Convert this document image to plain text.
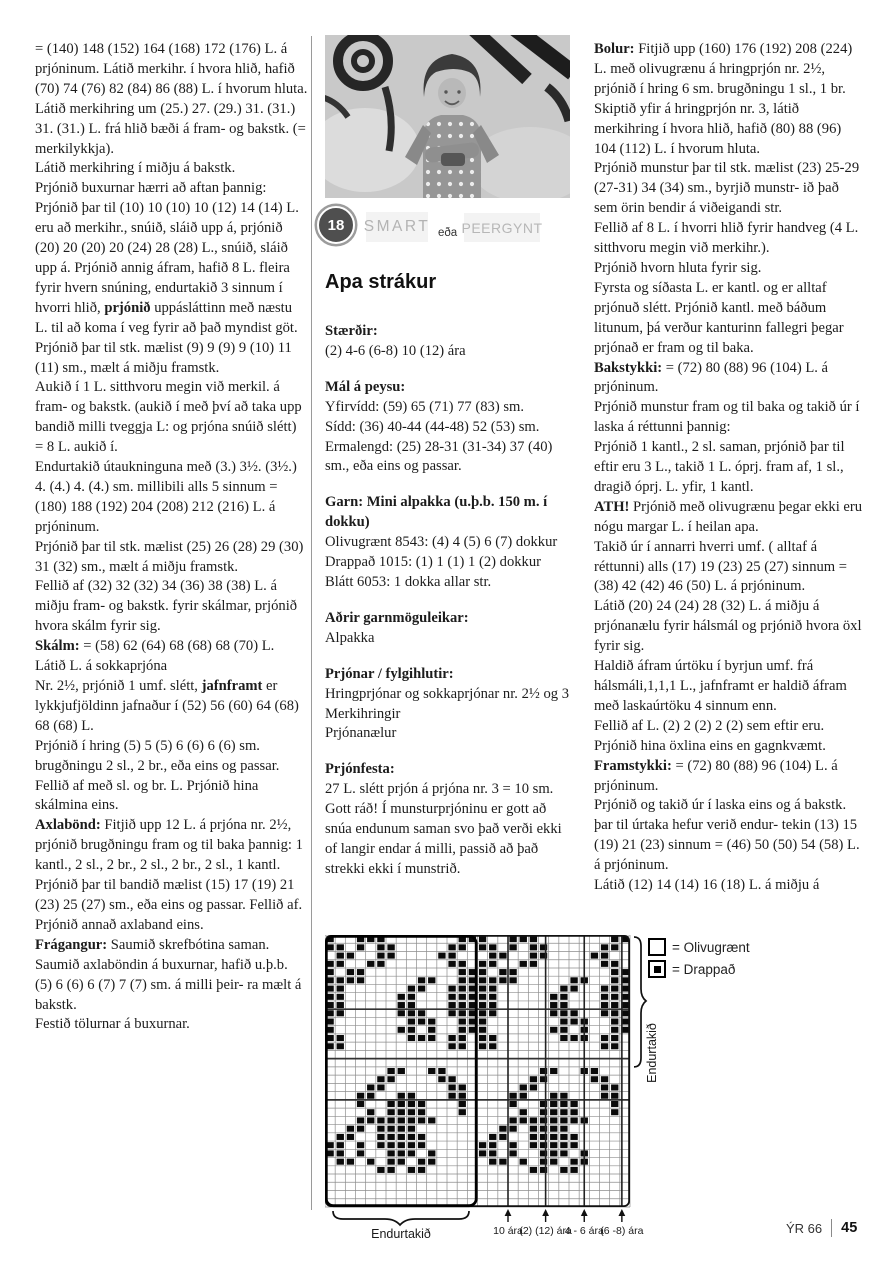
= (140) 148 (152) 164 (168) 172 (176) L. á prjóninum. Látið merkihr. í hvora hlið, hafið (70) 74 (76) 82 (84) 86 (88) L. í hvorum hluta. Látið merkihring um (25.) 27. (29.) 31. (31.) 31. (31.) L. frá hlið bæði á fram- og bakstk. (= merkilykkja).

Látið merkihring í miðju á bakstk.

Prjónið buxurnar hærri að aftan þannig: Prjónið þar til (10) 10 (10) 10 (12) 14 (14) L. eru að merkihr., snúið, sláið upp á, prjónið (20) 20 (20) 20 (24) 28 (28) L., snúið, sláið upp á. Prjónið annig áfram, hafið 8 L. fleira fyrir hvern snúning, endurtakið 3 sinnum í hvorri hlið, prjónið uppásláttinn með næstu L. til að koma í veg fyrir að það myndist göt.

Prjónið þar til stk. mælist (9) 9 (9) 9 (10) 11 (11) sm., mælt á miðju framstk.

Aukið í 1 L. sitthvoru megin við merkil. á fram- og bakstk. (aukið í með því að taka upp bandið milli tveggja L: og prjóna snúið slétt) = 8 L. aukið í.

Endurtakið útaukninguna með (3.) 3½. (3½.) 4. (4.) 4. (4.) sm. millibili alls 5 sinnum = (180) 188 (192) 204 (208) 212 (216) L. á prjóninum.

Prjónið þar til stk. mælist (25) 26 (28) 29 (30) 31 (32) sm., mælt á miðju framstk.

Fellið af (32) 32 (32) 34 (36) 38 (38) L. á miðju fram- og bakstk. fyrir skálmar, prjónið hvora skálm fyrir sig.

Skálm: = (58) 62 (64) 68 (68) 68 (70) L. Látið L. á sokkaprjóna

Nr. 2½, prjónið 1 umf. slétt, jafnframt er lykkjufjöldinn jafnaður í (52) 56 (60) 64 (68) 68 (68) L.

Prjónið í hring (5) 5 (5) 6 (6) 6 (6) sm. brugðningu 2 sl., 2 br., eða eins og passar. Fellið af með sl. og br. L. Prjónið hina skálmina eins.

Axlabönd: Fitjið upp 12 L. á prjóna nr. 2½, prjónið brugðningu fram og til baka þannig: 1 kantl., 2 sl., 2 br., 2 sl., 2 br., 2 sl., 1 kantl.

Prjónið þar til bandið mælist (15) 17 (19) 21 (23) 25 (27) sm., eða eins og passar. Fellið af. Prjónið annað axlaband eins.

Frágangur: Saumið skrefbótina saman. Saumið axlaböndin á buxurnar, hafið u.þ.b. (5) 6 (6) 6 (7) 7 (7) sm. á milli þeir- ra mælt á bakstk.

Festið tölurnar á buxurnar.

18 SMART eða PEERGYNT
Apa strákur

Stærðir:

(2) 4-6 (6-8) 10 (12) ára

Mál á peysu:

Yfirvídd: (59) 65 (71) 77 (83) sm.

Sídd: (36) 40-44 (44-48) 52 (53) sm.

Ermalengd: (25) 28-31 (31-34) 37 (40) sm., eða eins og passar.

Garn: Mini alpakka (u.þ.b. 150 m. í dokku)

Olivugrænt 8543: (4) 4 (5) 6 (7) dokkur

Drappað 1015: (1) 1 (1) 1 (2) dokkur

Blátt 6053: 1 dokka allar str.

Aðrir garnmöguleikar:

Alpakka

Prjónar / fylgihlutir:

Hringprjónar og sokkaprjónar nr. 2½ og 3

Merkihringir

Prjónanælur

Prjónfesta:

27 L. slétt prjón á prjóna nr. 3 = 10 sm.

Gott ráð! Í munsturprjóninu er gott að snúa endunum saman svo það verði ekki of langir endar á milli, passið að það strekki ekki í munstrið.

Bolur: Fitjið upp (160) 176 (192) 208 (224) L. með olivugrænu á hringprjón nr. 2½, prjónið í hring 6 sm. brugðningu 1 sl., 1 br.

Skiptið yfir á hringprjón nr. 3, látið merkihring í hvora hlið, hafið (80) 88 (96) 104 (112) L. í hvorum hluta.

Prjónið munstur þar til stk. mælist (23) 25-29 (27-31) 34 (34) sm., byrjið munstr- ið það sem örin bendir á viðeigandi str.

Fellið af 8 L. í hvorri hlið fyrir handveg (4 L. sitthvoru megin við merkihr.).

Prjónið hvorn hluta fyrir sig.

Fyrsta og síðasta L. er kantl. og er alltaf prjónuð slétt. Prjónið kantl. með báðum litunum, þá verður kanturinn fallegri þegar prjónað er fram og til baka.

Bakstykki: = (72) 80 (88) 96 (104) L. á prjóninum.

Prjónið munstur fram og til baka og takið úr í laska á réttunni þannig:

Prjónið 1 kantl., 2 sl. saman, prjónið þar til eftir eru 3 L., takið 1 L. óprj. fram af, 1 sl., dragið óprj. L. yfir, 1 kantl.

ATH! Prjónið með olivugrænu þegar ekki eru nógu margar L. í heilan apa.

Takið úr í annarri hverri umf. ( alltaf á réttunni) alls (17) 19 (23) 25 (27) sinnum = (38) 42 (42) 46 (50) L. á prjóninum.

Látið (20) 24 (24) 28 (32) L. á miðju á prjónanælu fyrir hálsmál og prjónið hvora öxl fyrir sig.

Haldið áfram úrtöku í byrjun umf. frá hálsmáli,1,1,1 L., jafnframt er haldið áfram með laskaúrtöku 4 sinnum enn.

Fellið af L. (2) 2 (2) 2 (2) sem eftir eru.

Prjónið hina öxlina eins en gagnkvæmt.

Framstykki: = (72) 80 (88) 96 (104) L. á prjóninum.

Prjónið og takið úr í laska eins og á bakstk. þar til úrtaka hefur verið endur- tekin (13) 15 (19) 21 (23) sinnum = (46) 50 (50) 54 (58) L. á prjóninum.

Látið (12) 14 (14) 16 (18) L. á miðju á

10 ára
(2) (12) ára
4 - 6 ára
(6 -8) ára
Endurtakið
Endurtakið
= Olivugrænt
= Drappað
ÝR 66 45
